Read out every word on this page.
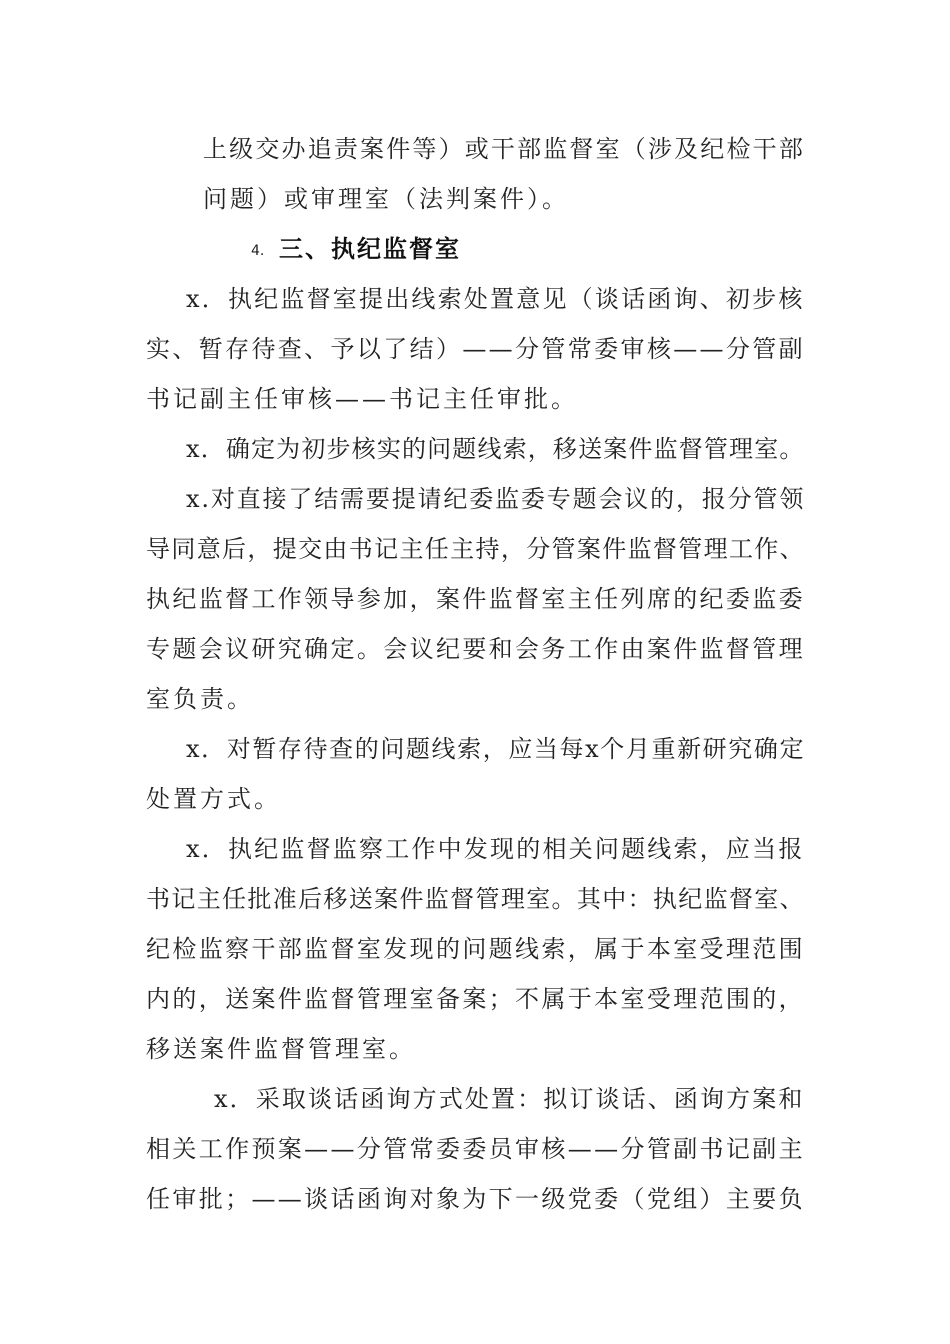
上级交办追责案件等）或干部监督室（涉及纪检干部
问题）或审理室（法判案件）。
4. 三、执纪监督室
x．执纪监督室提出线索处置意见（谈话函询、初步核
实、暂存待查、予以了结）——分管常委审核——分管副
书记副主任审核——书记主任审批。
x．确定为初步核实的问题线索，移送案件监督管理室。
x.对直接了结需要提请纪委监委专题会议的，报分管领
导同意后，提交由书记主任主持，分管案件监督管理工作、
执纪监督工作领导参加，案件监督室主任列席的纪委监委
专题会议研究确定。会议纪要和会务工作由案件监督管理
室负责。
x．对暂存待查的问题线索，应当每x个月重新研究确定
处置方式。
x．执纪监督监察工作中发现的相关问题线索，应当报
书记主任批准后移送案件监督管理室。其中：执纪监督室、
纪检监察干部监督室发现的问题线索，属于本室受理范围
内的，送案件监督管理室备案；不属于本室受理范围的，
移送案件监督管理室。
x．采取谈话函询方式处置：拟订谈话、函询方案和
相关工作预案——分管常委委员审核——分管副书记副主
任审批；——谈话函询对象为下一级党委（党组）主要负
